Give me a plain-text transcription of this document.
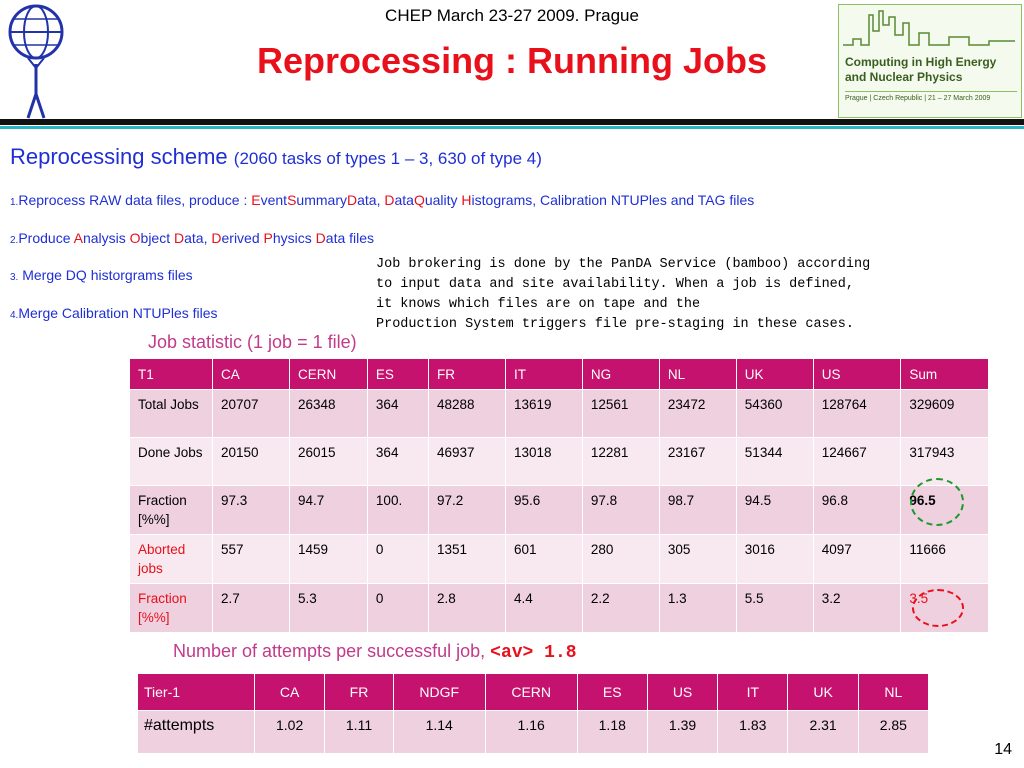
CHEP March 23-27 2009. Prague
Reprocessing : Running Jobs	Computing in High Energy
and Nuclear Physics
Prague | Czech Republic | 21 – 27 March 2009
Reprocessing scheme (2060 tasks of types 1 – 3, 630 of type 4)
1.Reprocess RAW data files, produce : EventSummaryData, DataQuality Histograms, Calibration NTUPles and TAG files
2.Produce Analysis Object Data, Derived Physics Data files
3. Merge DQ historgrams files
4.Merge Calibration NTUPles files
Job brokering is done by the PanDA Service (bamboo) according
to input data and site availability. When a job is defined,
it knows which files are on tape and the
Production System triggers file pre-staging in these cases.
Job statistic (1 job = 1 file)
T1	CA	CERN	ES	FR	IT	NG	NL	UK	US	Sum
Total Jobs	20707	26348	364	48288	13619	12561	23472	54360	128764	329609
Done Jobs	20150	26015	364	46937	13018	12281	23167	51344	124667	317943
Fraction [%%]	97.3	94.7	100.	97.2	95.6	97.8	98.7	94.5	96.8	96.5
Aborted jobs	557	1459	0	1351	601	280	305	3016	4097	11666
Fraction [%%]	2.7	5.3	0	2.8	4.4	2.2	1.3	5.5	3.2	3.5
Number of attempts per successful job, <av> 1.8
Tier-1	CA	FR	NDGF	CERN	ES	US	IT	UK	NL
#attempts	1.02	1.11	1.14	1.16	1.18	1.39	1.83	2.31	2.85
14
